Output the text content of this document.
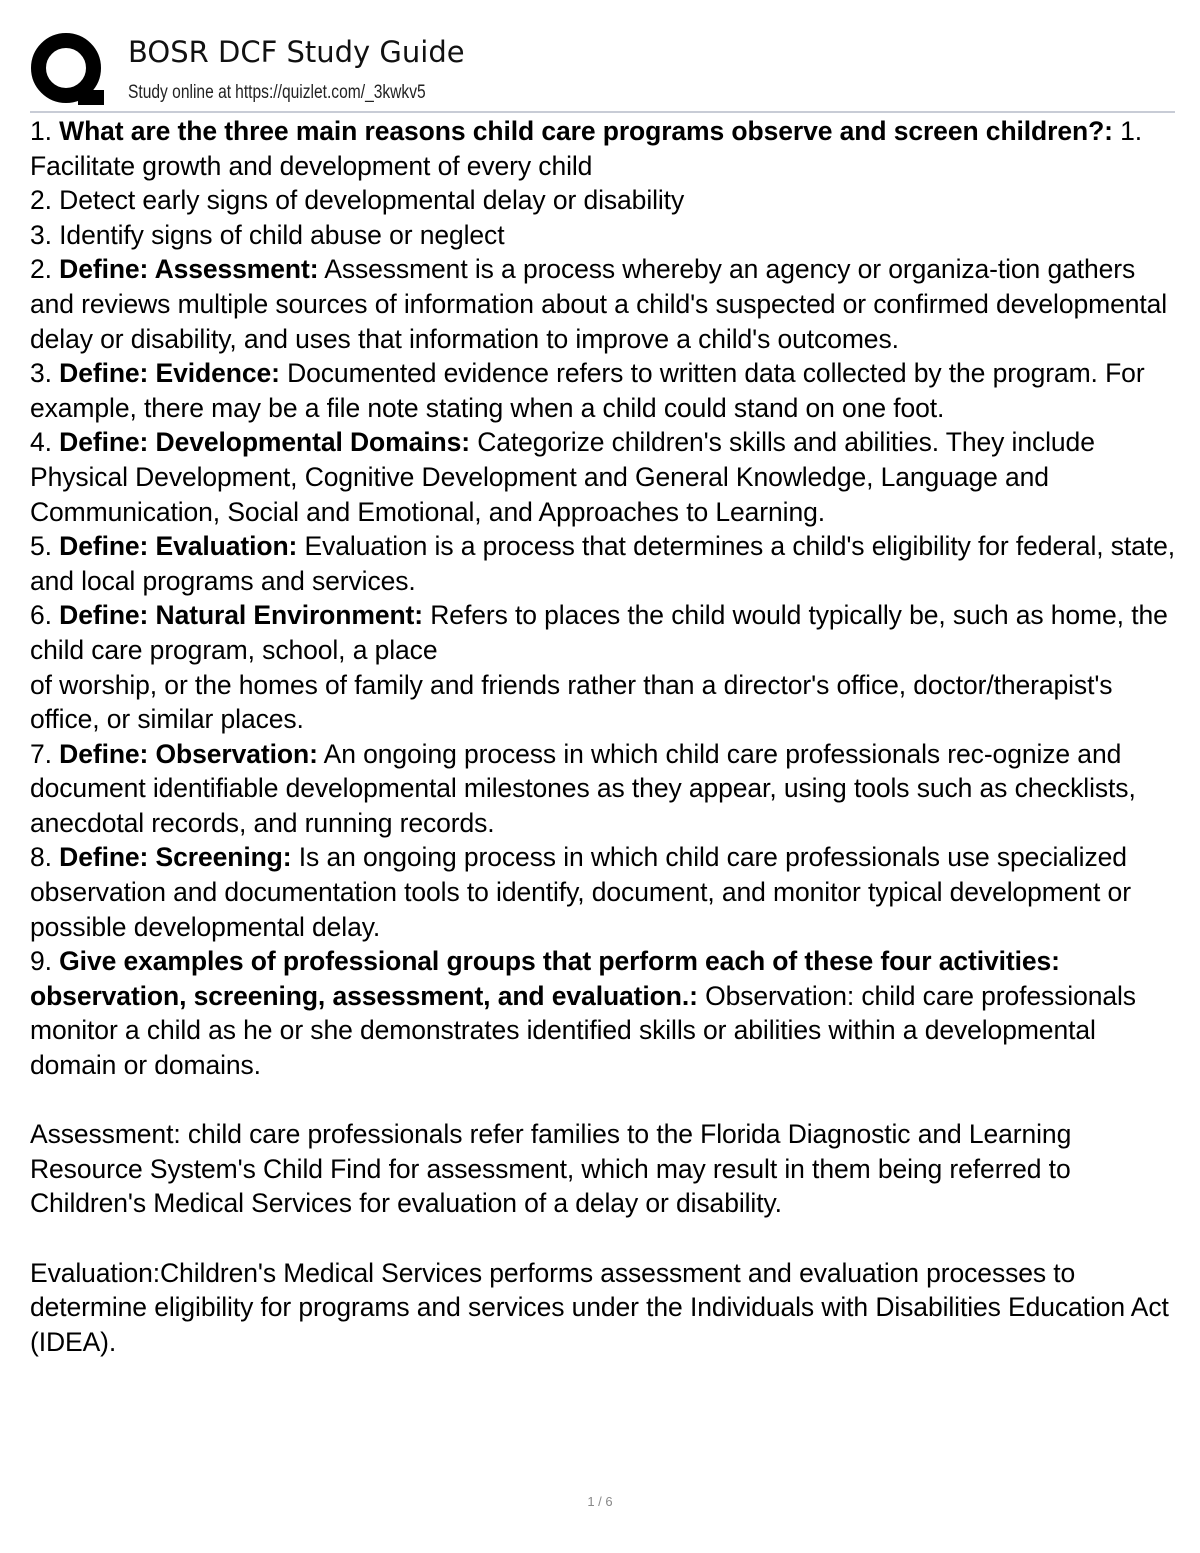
BOSR DCF Study Guide
Study online at https://quizlet.com/_3kwkv5
1. What are the three main reasons child care programs observe and screen children?: 1. Facilitate growth and development of every child
2. Detect early signs of developmental delay or disability
3. Identify signs of child abuse or neglect
2. Define: Assessment: Assessment is a process whereby an agency or organiza-tion gathers and reviews multiple sources of information about a child's suspected or confirmed developmental delay or disability, and uses that information to improve a child's outcomes.
3. Define: Evidence: Documented evidence refers to written data collected by the program. For example, there may be a file note stating when a child could stand on one foot.
4. Define: Developmental Domains: Categorize children's skills and abilities. They include Physical Development, Cognitive Development and General Knowledge, Language and Communication, Social and Emotional, and Approaches to Learning.
5. Define: Evaluation: Evaluation is a process that determines a child's eligibility for federal, state, and local programs and services.
6. Define: Natural Environment: Refers to places the child would typically be, such as home, the child care program, school, a place
of worship, or the homes of family and friends rather than a director's office, doctor/therapist's office, or similar places.
7. Define: Observation: An ongoing process in which child care professionals rec-ognize and document identifiable developmental milestones as they appear, using tools such as checklists, anecdotal records, and running records.
8. Define: Screening: Is an ongoing process in which child care professionals use specialized observation and documentation tools to identify, document, and monitor typical development or possible developmental delay.
9. Give examples of professional groups that perform each of these four activities: observation, screening, assessment, and evaluation.: Observation: child care professionals monitor a child as he or she demonstrates identified skills or abilities within a developmental domain or domains.
Assessment: child care professionals refer families to the Florida Diagnostic and Learning Resource System's Child Find for assessment, which may result in them being referred to Children's Medical Services for evaluation of a delay or disability.
Evaluation:Children's Medical Services performs assessment and evaluation processes to determine eligibility for programs and services under the Individuals with Disabilities Education Act (IDEA).
1 / 6
